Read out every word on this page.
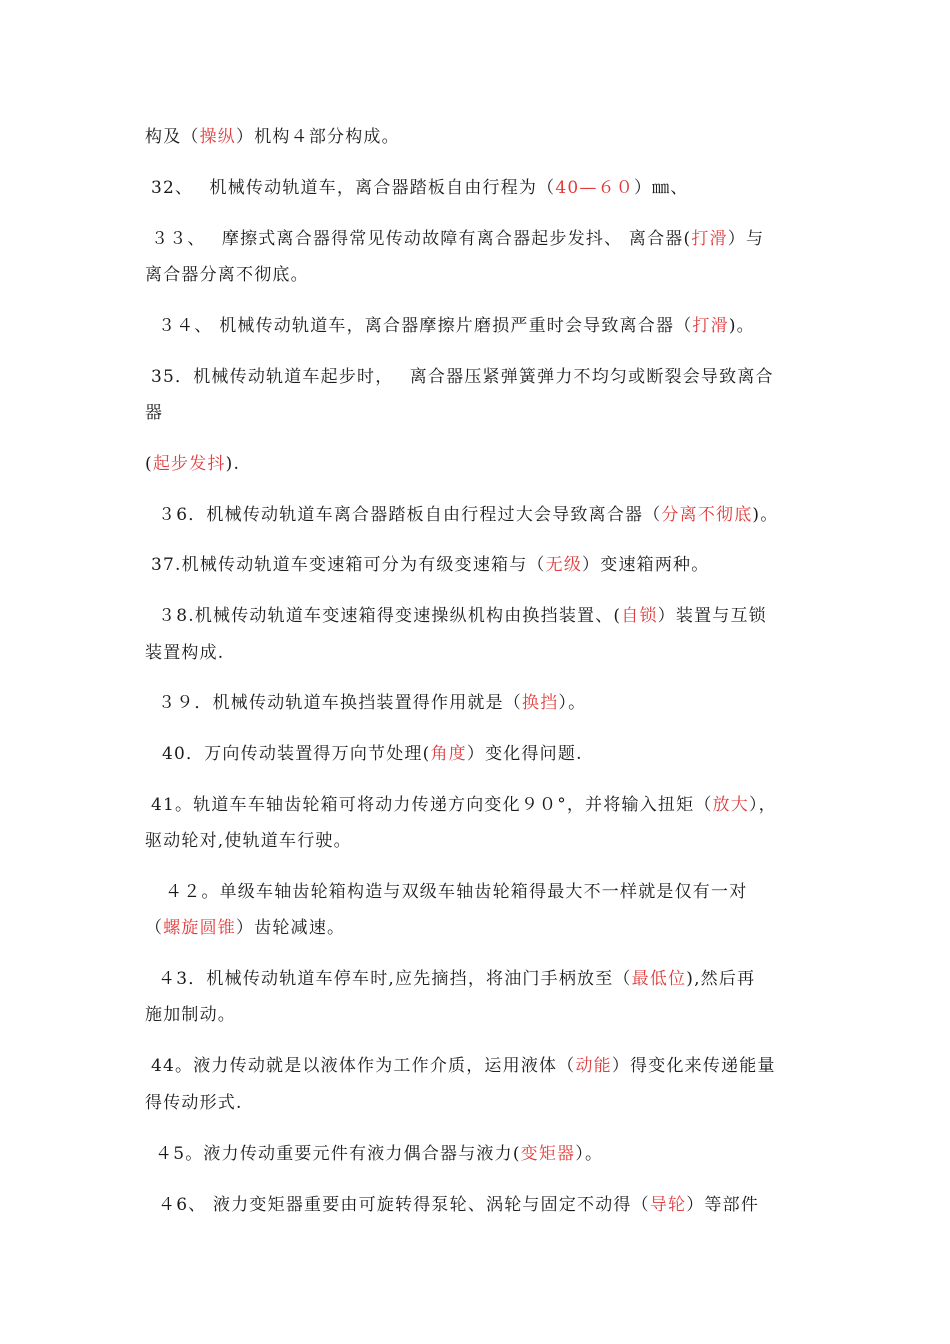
构及（操纵）机构４部分构成。
32、　 机械传动轨道车，离合器踏板自由行程为（40—６０）㎜、
３３、　 摩擦式离合器得常见传动故障有离合器起步发抖、 离合器(打滑）与
离合器分离不彻底。
３４、 机械传动轨道车，离合器摩擦片磨损严重时会导致离合器（打滑)。
35．机械传动轨道车起步时，　 离合器压紧弹簧弹力不均匀或断裂会导致离合
器
(起步发抖).
３6．机械传动轨道车离合器踏板自由行程过大会导致离合器（分离不彻底)。
37.机械传动轨道车变速箱可分为有级变速箱与（无级）变速箱两种。
３8.机械传动轨道车变速箱得变速操纵机构由换挡装置、(自锁）装置与互锁
装置构成.
３９．机械传动轨道车换挡装置得作用就是（换挡）。
40．万向传动装置得万向节处理(角度）变化得问题.
41。轨道车车轴齿轮箱可将动力传递方向变化９０°，并将输入扭矩（放大），
驱动轮对,使轨道车行驶。
４２。单级车轴齿轮箱构造与双级车轴齿轮箱得最大不一样就是仅有一对
（螺旋圆锥）齿轮减速。
４3．机械传动轨道车停车时,应先摘挡，将油门手柄放至（最低位),然后再
施加制动。
44。液力传动就是以液体作为工作介质，运用液体（动能）得变化来传递能量
得传动形式.
４5。液力传动重要元件有液力偶合器与液力(变矩器）。
４6、 液力变矩器重要由可旋转得泵轮、涡轮与固定不动得（导轮）等部件
